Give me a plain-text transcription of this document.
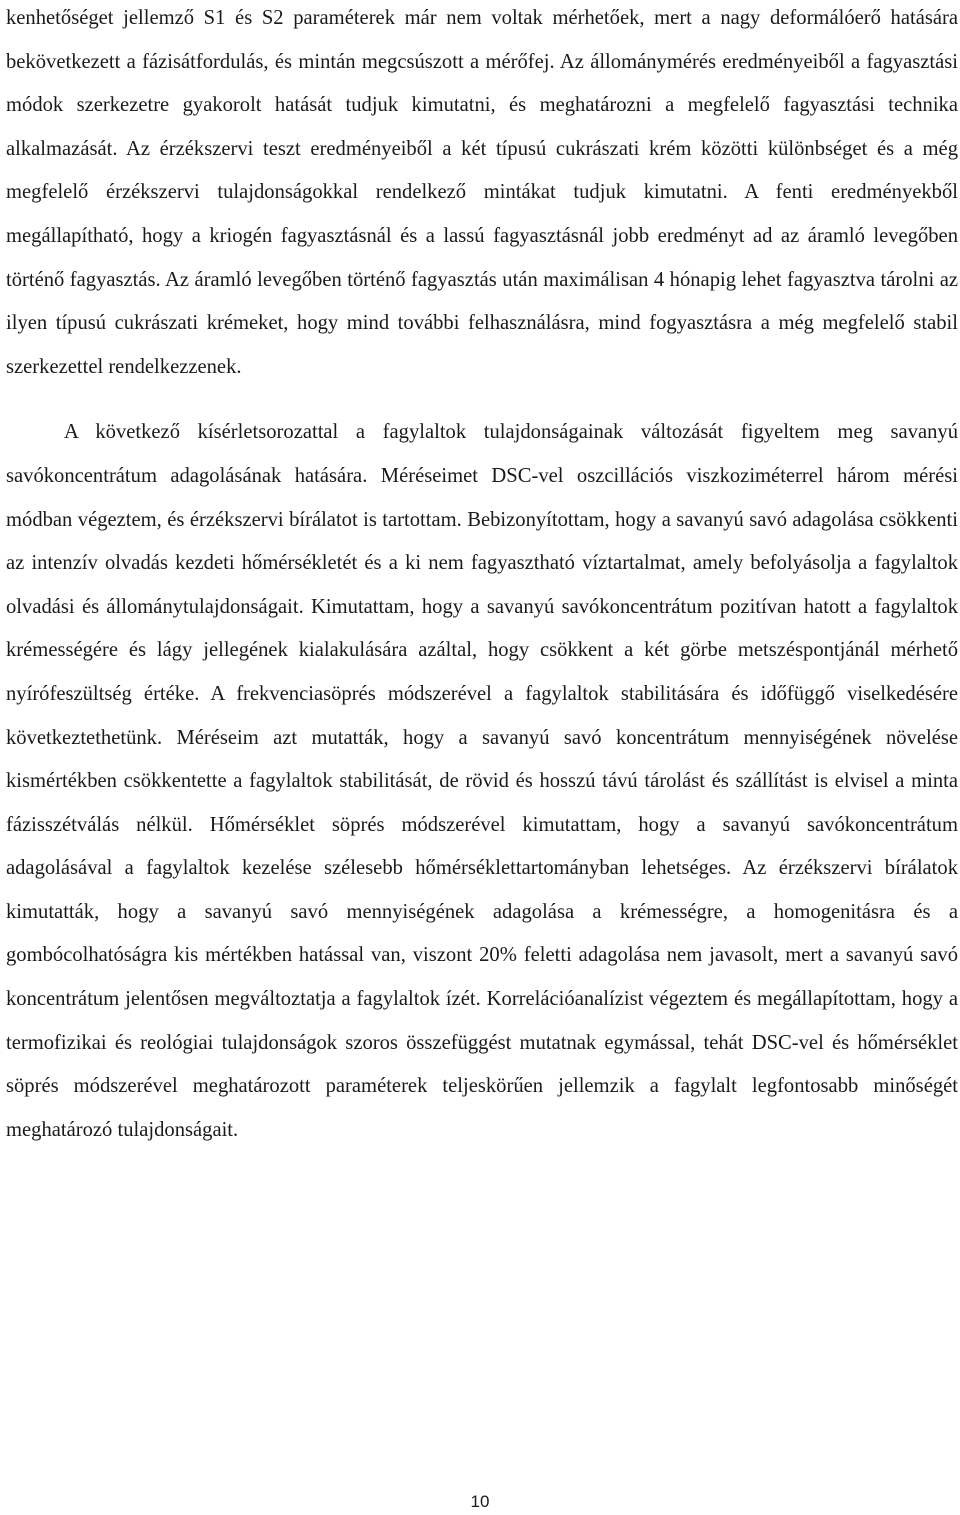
kenhetőséget jellemző S1 és S2 paraméterek már nem voltak mérhetőek, mert a nagy deformálóerő hatására bekövetkezett a fázisátfordulás, és mintán megcsúszott a mérőfej. Az állománymérés eredményeiből a fagyasztási módok szerkezetre gyakorolt hatását tudjuk kimutatni, és meghatározni a megfelelő fagyasztási technika alkalmazását. Az érzékszervi teszt eredményeiből a két típusú cukrászati krém közötti különbséget és a még megfelelő érzékszervi tulajdonságokkal rendelkező mintákat tudjuk kimutatni. A fenti eredményekből megállapítható, hogy a kriogén fagyasztásnál és a lassú fagyasztásnál jobb eredményt ad az áramló levegőben történő fagyasztás. Az áramló levegőben történő fagyasztás után maximálisan 4 hónapig lehet fagyasztva tárolni az ilyen típusú cukrászati krémeket, hogy mind további felhasználásra, mind fogyasztásra a még megfelelő stabil szerkezettel rendelkezzenek.

A következő kísérletsorozattal a fagylaltok tulajdonságainak változását figyeltem meg savanyú savókoncentrátum adagolásának hatására. Méréseimet DSC-vel oszcillációs viszkoziméterrel három mérési módban végeztem, és érzékszervi bírálatot is tartottam. Bebizonyítottam, hogy a savanyú savó adagolása csökkenti az intenzív olvadás kezdeti hőmérsékletét és a ki nem fagyasztható víztartalmat, amely befolyásolja a fagylaltok olvadási és állománytulajdonságait. Kimutattam, hogy a savanyú savókoncentrátum pozitívan hatott a fagylaltok krémességére és lágy jellegének kialakulására azáltal, hogy csökkent a két görbe metszéspontjánál mérhető nyírófeszültség értéke. A frekvenciasöprés módszerével a fagylaltok stabilitására és időfüggő viselkedésére következtethetünk. Méréseim azt mutatták, hogy a savanyú savó koncentrátum mennyiségének növelése kismértékben csökkentette a fagylaltok stabilitását, de rövid és hosszú távú tárolást és szállítást is elvisel a minta fázisszétválás nélkül. Hőmérséklet söprés módszerével kimutattam, hogy a savanyú savókoncentrátum adagolásával a fagylaltok kezelése szélesebb hőmérséklettartományban lehetséges. Az érzékszervi bírálatok kimutatták, hogy a savanyú savó mennyiségének adagolása a krémességre, a homogenitásra és a gombócolhatóságra kis mértékben hatással van, viszont 20% feletti adagolása nem javasolt, mert a savanyú savó koncentrátum jelentősen megváltoztatja a fagylaltok ízét. Korrelációanalízist végeztem és megállapítottam, hogy a termofizikai és reológiai tulajdonságok szoros összefüggést mutatnak egymással, tehát DSC-vel és hőmérséklet söprés módszerével meghatározott paraméterek teljeskörűen jellemzik a fagylalt legfontosabb minőségét meghatározó tulajdonságait.

10
